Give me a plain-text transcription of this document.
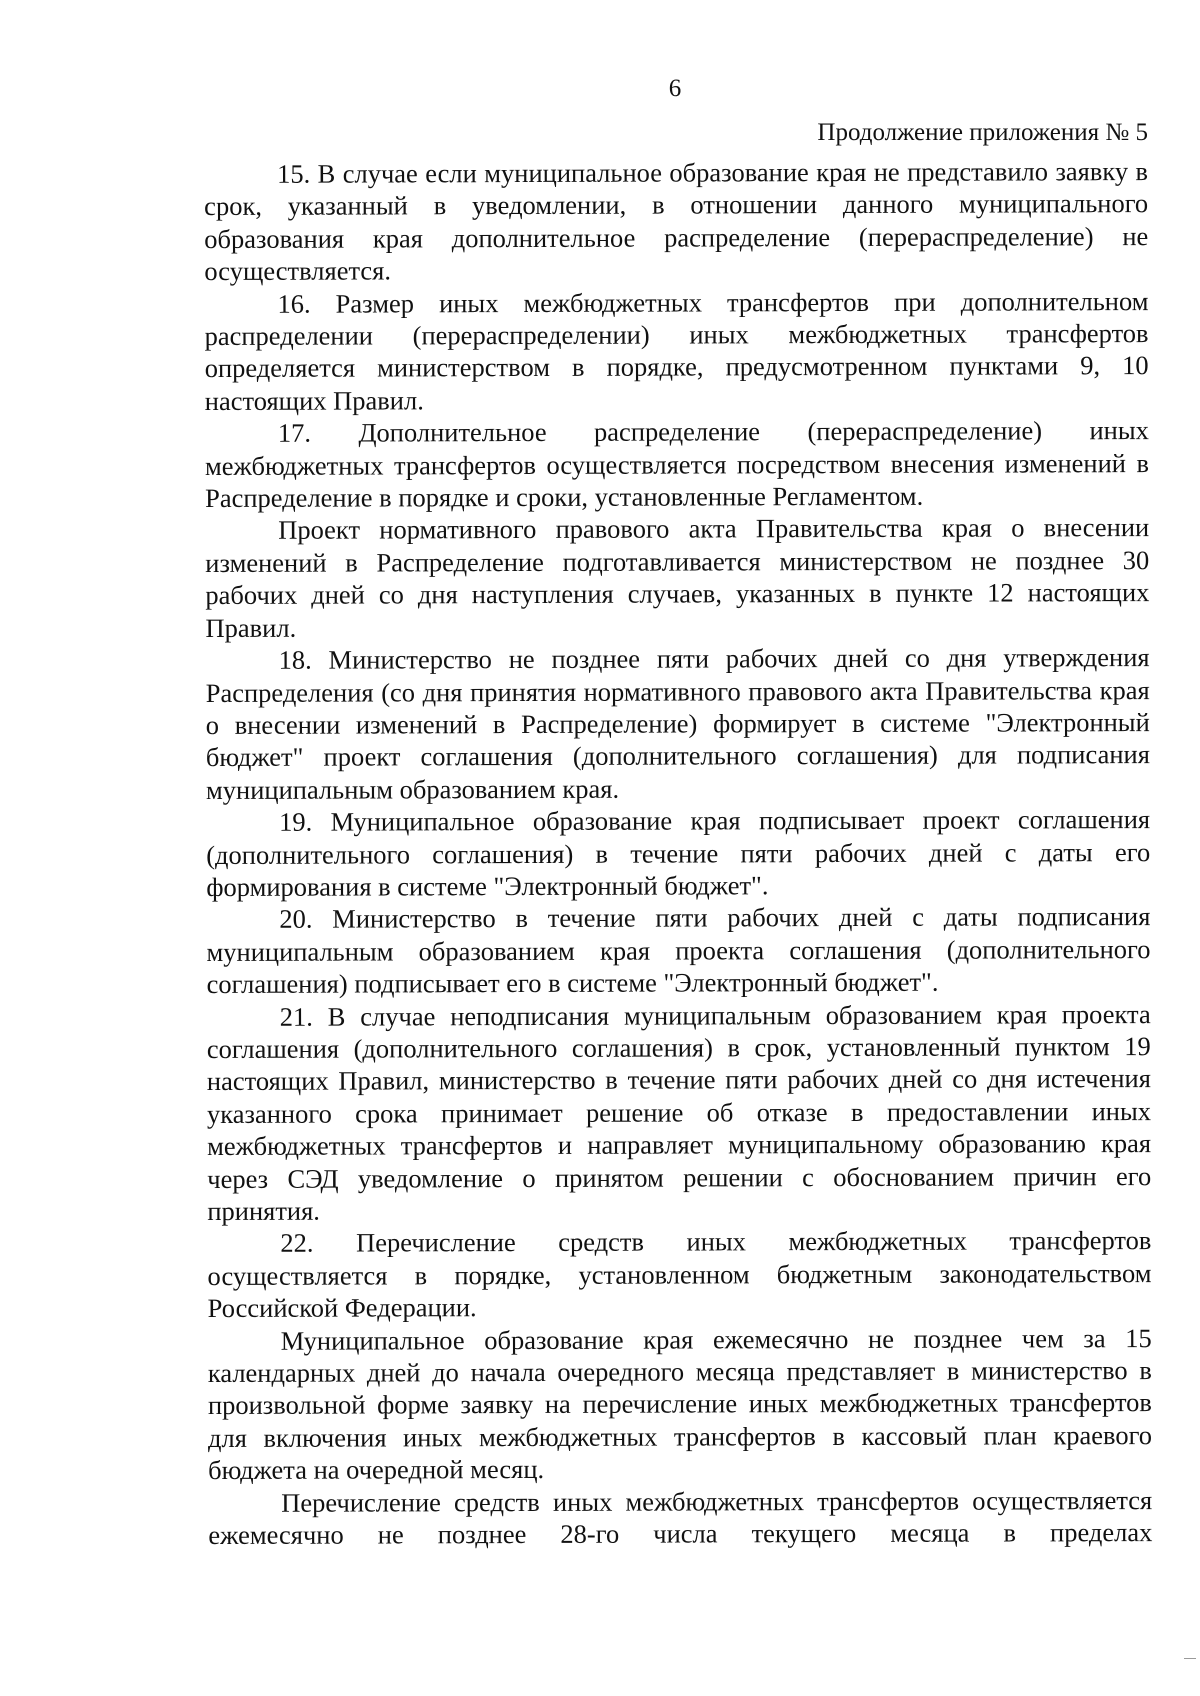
6
Продолжение приложения № 5

15. В случае если муниципальное образование края не представило заявку в срок, указанный в уведомлении, в отношении данного муниципального образования края дополнительное распределение (перераспределение) не осуществляется.

16. Размер иных межбюджетных трансфертов при дополнительном распределении (перераспределении) иных межбюджетных трансфертов определяется министерством в порядке, предусмотренном пунктами 9, 10 настоящих Правил.

17. Дополнительное распределение (перераспределение) иных межбюджетных трансфертов осуществляется посредством внесения изменений в Распределение в порядке и сроки, установленные Регламентом.

Проект нормативного правового акта Правительства края о внесении изменений в Распределение подготавливается министерством не позднее 30 рабочих дней со дня наступления случаев, указанных в пункте 12 настоящих Правил.

18. Министерство не позднее пяти рабочих дней со дня утверждения Распределения (со дня принятия нормативного правового акта Правительства края о внесении изменений в Распределение) формирует в системе "Электронный бюджет" проект соглашения (дополнительного соглашения) для подписания муниципальным образованием края.

19. Муниципальное образование края подписывает проект соглашения (дополнительного соглашения) в течение пяти рабочих дней с даты его формирования в системе "Электронный бюджет".

20. Министерство в течение пяти рабочих дней с даты подписания муниципальным образованием края проекта соглашения (дополнительного соглашения) подписывает его в системе "Электронный бюджет".

21. В случае неподписания муниципальным образованием края проекта соглашения (дополнительного соглашения) в срок, установленный пунктом 19 настоящих Правил, министерство в течение пяти рабочих дней со дня истечения указанного срока принимает решение об отказе в предоставлении иных межбюджетных трансфертов и направляет муниципальному образованию края через СЭД уведомление о принятом решении с обоснованием причин его принятия.

22. Перечисление средств иных межбюджетных трансфертов осуществляется в порядке, установленном бюджетным законодательством Российской Федерации.

Муниципальное образование края ежемесячно не позднее чем за 15 календарных дней до начала очередного месяца представляет в министерство в произвольной форме заявку на перечисление иных межбюджетных трансфертов для включения иных межбюджетных трансфертов в кассовый план краевого бюджета на очередной месяц.

Перечисление средств иных межбюджетных трансфертов осуществляется ежемесячно не позднее 28-го числа текущего месяца в пределах
